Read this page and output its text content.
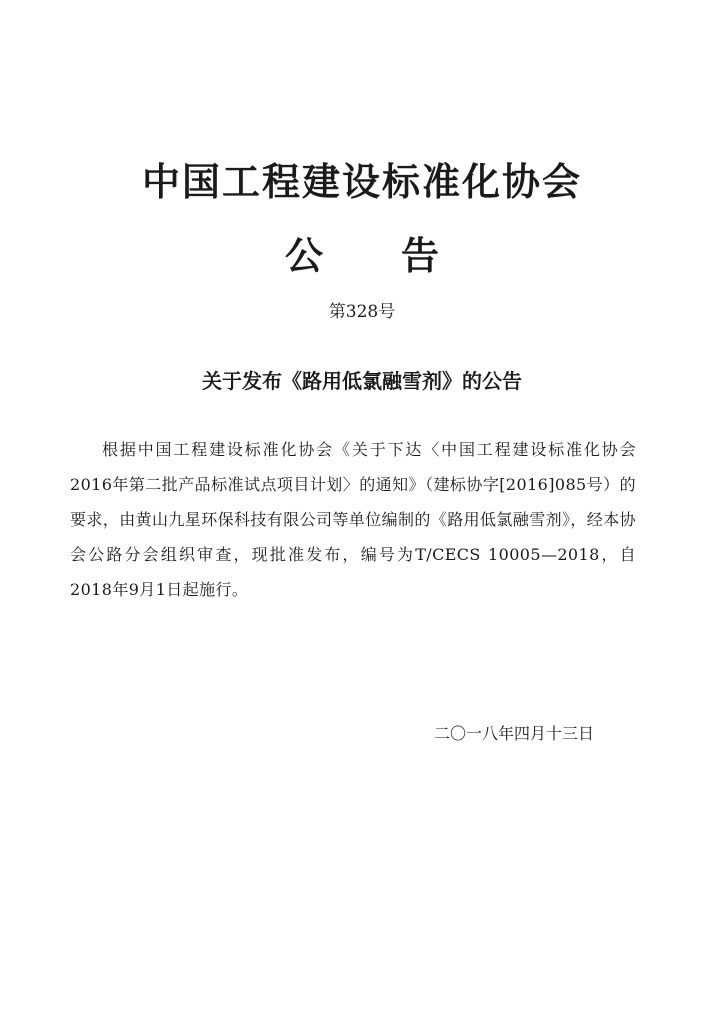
中国工程建设标准化协会
公 告
第328号
关于发布《路用低氯融雪剂》的公告
根据中国工程建设标准化协会《关于下达〈中国工程建设标准化协会2016年第二批产品标准试点项目计划〉的通知》（建标协字[2016]085号）的要求，由黄山九星环保科技有限公司等单位编制的《路用低氯融雪剂》，经本协会公路分会组织审查，现批准发布，编号为T/CECS 10005—2018，自2018年9月1日起施行。
二〇一八年四月十三日
